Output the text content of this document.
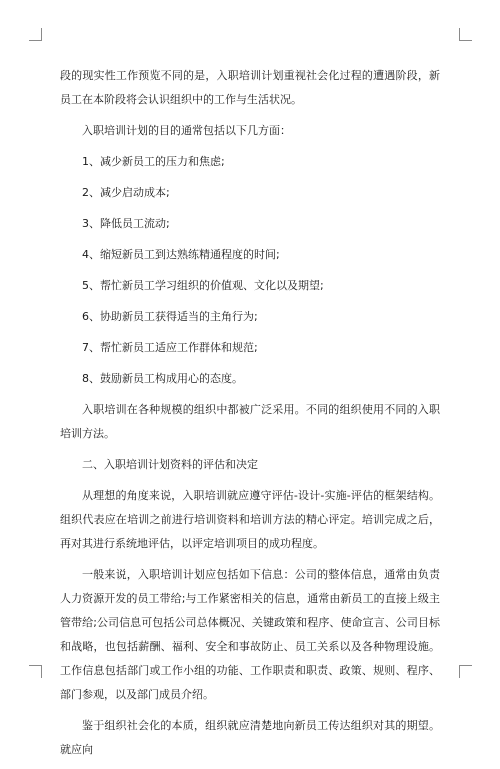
段的现实性工作预览不同的是，入职培训计划重视社会化过程的遭遇阶段，新员工在本阶段将会认识组织中的工作与生活状况。

入职培训计划的目的通常包括以下几方面：

1、减少新员工的压力和焦虑;

2、减少启动成本;

3、降低员工流动;

4、缩短新员工到达熟练精通程度的时间;

5、帮忙新员工学习组织的价值观、文化以及期望;

6、协助新员工获得适当的主角行为;

7、帮忙新员工适应工作群体和规范;

8、鼓励新员工构成用心的态度。

入职培训在各种规模的组织中都被广泛采用。不同的组织使用不同的入职培训方法。

二、入职培训计划资料的评估和决定

从理想的角度来说，入职培训就应遵守评估-设计-实施-评估的框架结构。组织代表应在培训之前进行培训资料和培训方法的精心评定。培训完成之后，再对其进行系统地评估，以评定培训项目的成功程度。

一般来说，入职培训计划应包括如下信息：公司的整体信息，通常由负责人力资源开发的员工带给;与工作紧密相关的信息，通常由新员工的直接上级主管带给;公司信息可包括公司总体概况、关键政策和程序、使命宣言、公司目标和战略，也包括薪酬、福利、安全和事故防止、员工关系以及各种物理设施。工作信息包括部门或工作小组的功能、工作职责和职责、政策、规则、程序、部门参观，以及部门成员介绍。

鉴于组织社会化的本质，组织就应清楚地向新员工传达组织对其的期望。就应向
